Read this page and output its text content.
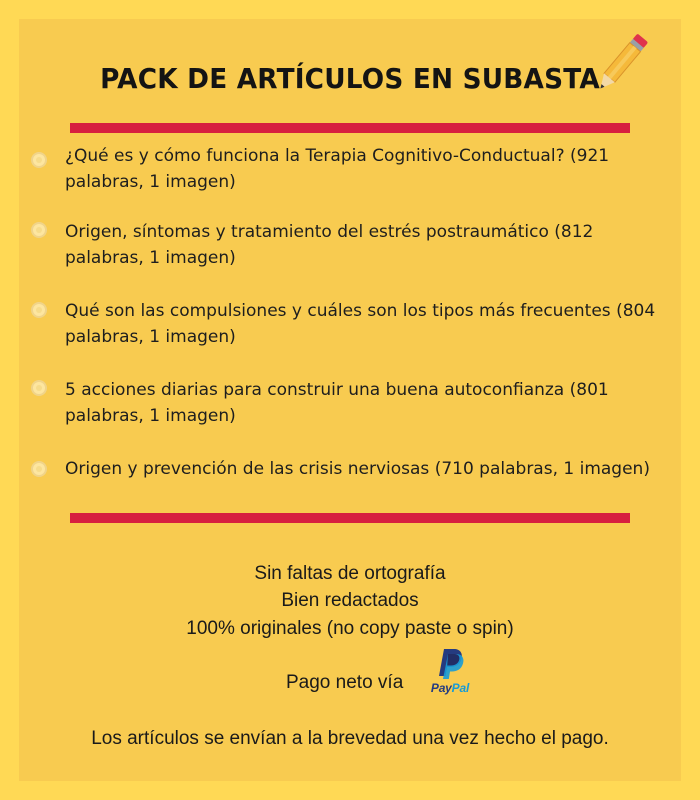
PACK DE ARTÍCULOS EN SUBASTA
¿Qué es y cómo funciona la Terapia Cognitivo-Conductual? (921 palabras, 1 imagen)
Origen, síntomas y tratamiento del estrés postraumático (812 palabras, 1 imagen)
Qué son las compulsiones y cuáles son los tipos más frecuentes (804 palabras, 1 imagen)
5 acciones diarias para construir una buena autoconfianza (801 palabras, 1 imagen)
Origen y prevención de las crisis nerviosas (710 palabras, 1 imagen)
Sin faltas de ortografía
Bien redactados
100% originales (no copy paste o spin)
Pago neto vía	PayPal
Los artículos se envían a la brevedad una vez hecho el pago.
